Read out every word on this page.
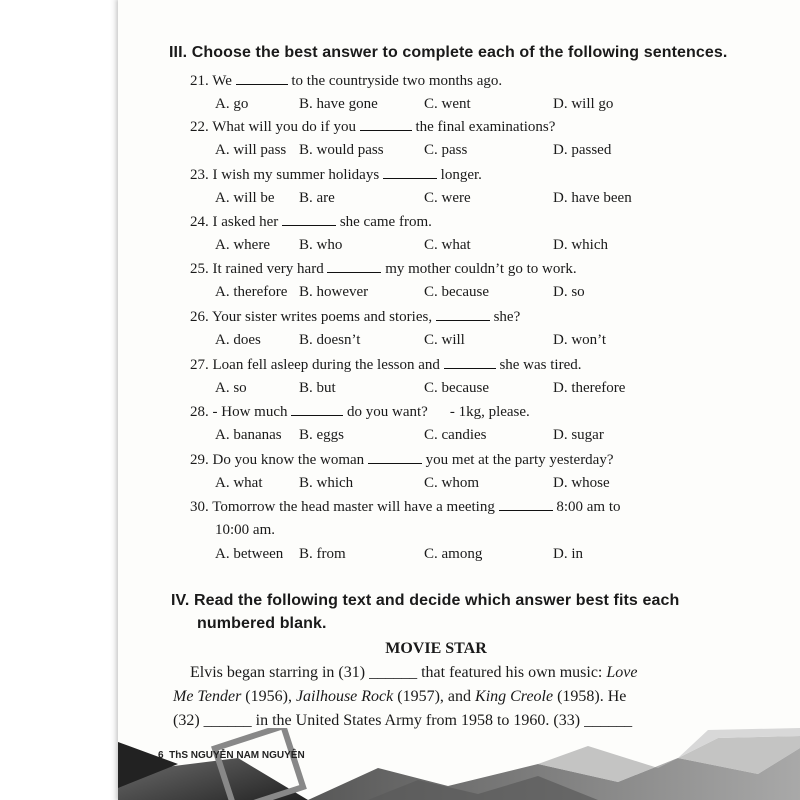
III. Choose the best answer to complete each of the following sentences.
21. We	to the countryside two months ago.
A. go	B. have gone	C. went	D. will go
22. What will you do if you	the final examinations?
A. will pass B. would pass	C. pass	D. passed
23. I wish my summer holidays	longer.
A. will be B. are	C. were	D. have been
24. I asked her	she came from.
A. where B. who	C. what	D. which
25. It rained very hard	my mother couldn’t go to work.
A. therefore B. however	C. because	D. so
26. Your sister writes poems and stories,	she?
A. does	B. doesn’t	C. will	D. won’t
27. Loan fell asleep during the lesson and	she was tired.
A. so	B. but	C. because	D. therefore
28. - How much	do you want? - 1kg, please.
A. bananas B. eggs	C. candies	D. sugar
29. Do you know the woman	you met at the party yesterday?
A. what B. which	C. whom	D. whose
30. Tomorrow the head master will have a meeting	8:00 am to
10:00 am.
A. between B. from	C. among	D. in
IV. Read the following text and decide which answer best fits each
numbered blank.
MOVIE STAR
Elvis began starring in (31) ______ that featured his own music: Love
Me Tender (1956), Jailhouse Rock (1957), and King Creole (1958). He
(32) ______ in the United States Army from 1958 to 1960. (33) ______
6 ThS NGUYỄN NAM NGUYÊN
